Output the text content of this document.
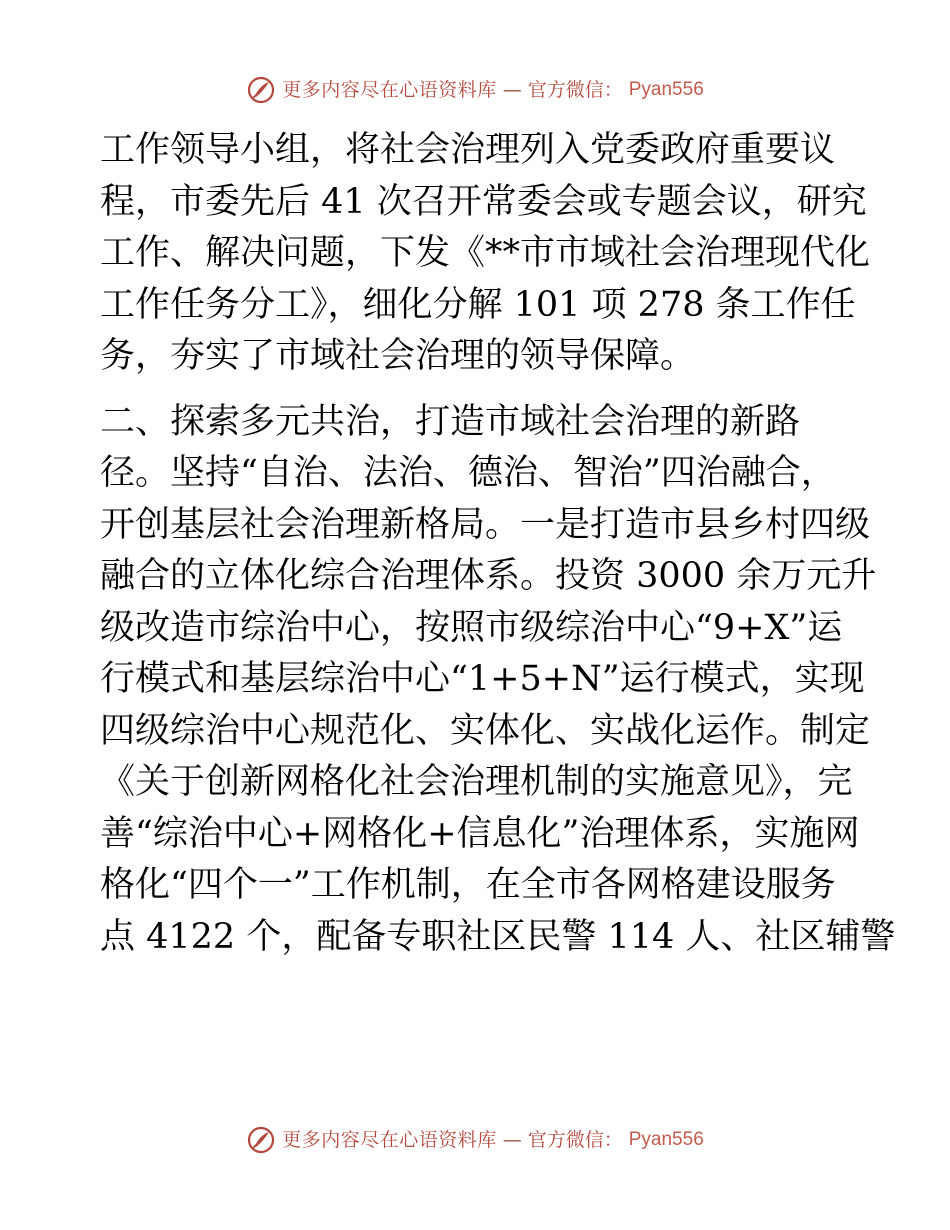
更多内容尽在心语资料库 — 官方微信： Pyan556
工作领导小组，将社会治理列入党委政府重要议
程，市委先后 41 次召开常委会或专题会议，研究
工作、解决问题，下发《**市市域社会治理现代化
工作任务分工》，细化分解 101 项 278 条工作任
务，夯实了市域社会治理的领导保障。
二、探索多元共治，打造市域社会治理的新路
径。坚持“自治、法治、德治、智治”四治融合，
开创基层社会治理新格局。一是打造市县乡村四级
融合的立体化综合治理体系。投资 3000 余万元升
级改造市综治中心，按照市级综治中心“9+X”运
行模式和基层综治中心“1+5+N”运行模式，实现
四级综治中心规范化、实体化、实战化运作。制定
《关于创新网格化社会治理机制的实施意见》，完
善“综治中心+网格化+信息化”治理体系，实施网
格化“四个一”工作机制，在全市各网格建设服务
点 4122 个，配备专职社区民警 114 人、社区辅警
更多内容尽在心语资料库 — 官方微信： Pyan556
